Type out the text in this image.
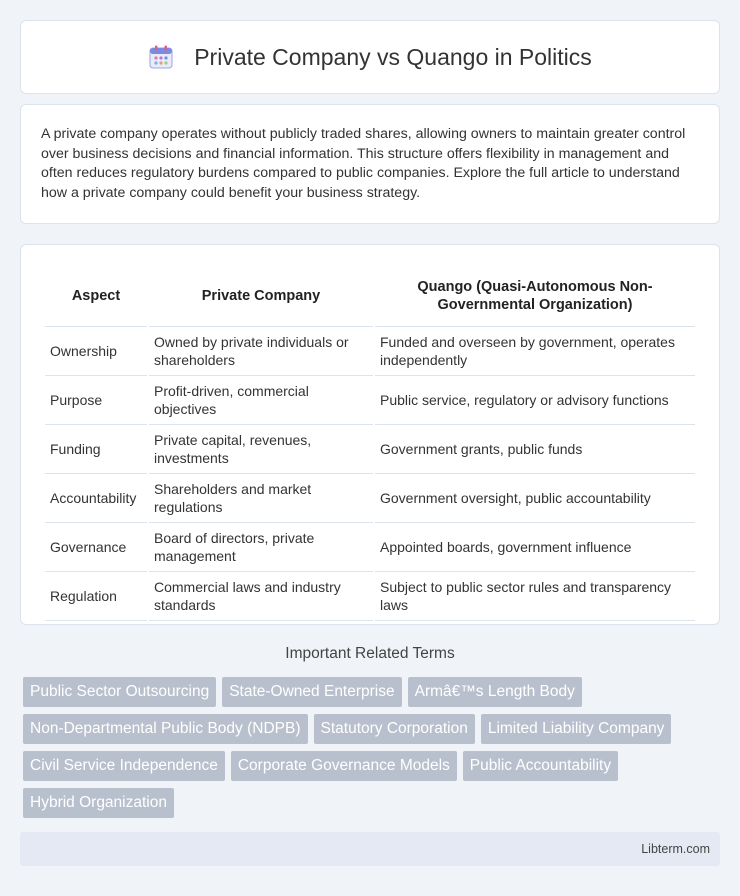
Private Company vs Quango in Politics

A private company operates without publicly traded shares, allowing owners to maintain greater control over business decisions and financial information. This structure offers flexibility in management and often reduces regulatory burdens compared to public companies. Explore the full article to understand how a private company could benefit your business strategy.

Aspect	Private Company	Quango (Quasi-Autonomous Non-Governmental Organization)
Ownership	Owned by private individuals or shareholders	Funded and overseen by government, operates independently
Purpose	Profit-driven, commercial objectives	Public service, regulatory or advisory functions
Funding	Private capital, revenues, investments	Government grants, public funds
Accountability	Shareholders and market regulations	Government oversight, public accountability
Governance	Board of directors, private management	Appointed boards, government influence
Regulation	Commercial laws and industry standards	Subject to public sector rules and transparency laws
Important Related Terms
Public Sector Outsourcing	State-Owned Enterprise	Armâ€™s Length Body
Non-Departmental Public Body (NDPB)	Statutory Corporation	Limited Liability Company
Civil Service Independence	Corporate Governance Models	Public Accountability
Hybrid Organization
Libterm.com
